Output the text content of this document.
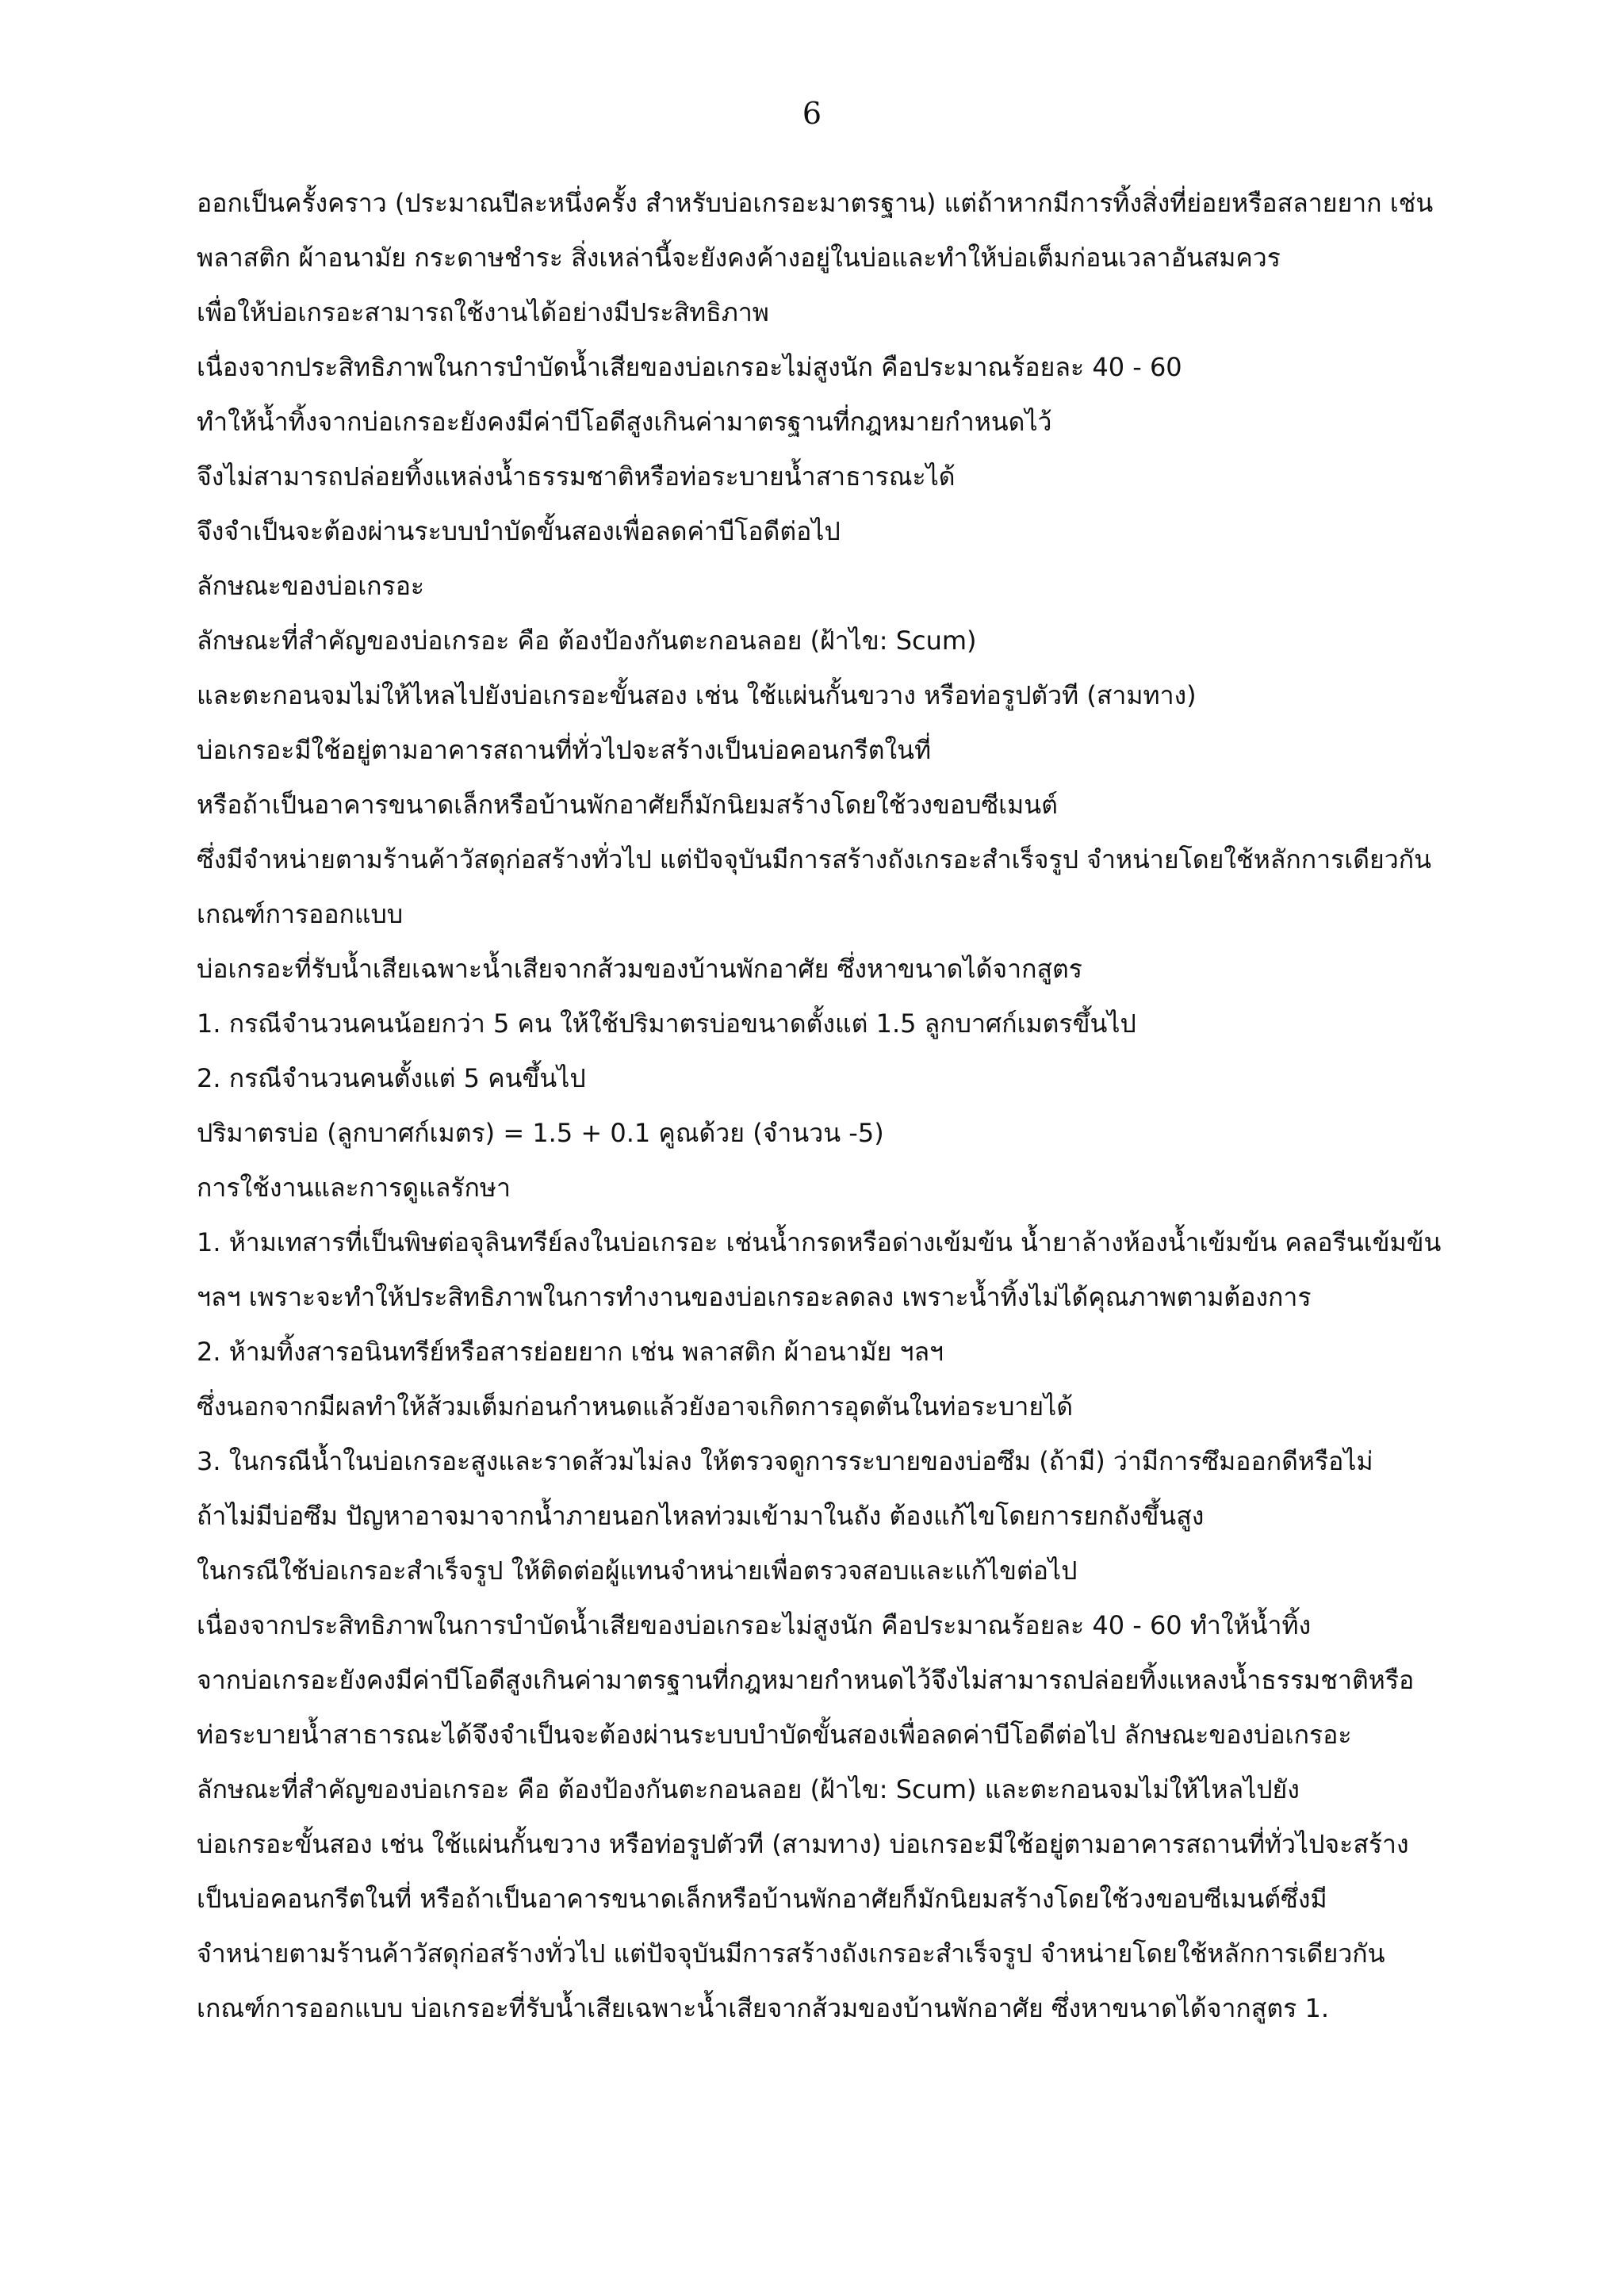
6
ออกเป็นครั้งคราว (ประมาณปีละหนึ่งครั้ง สำหรับบ่อเกรอะมาตรฐาน) แต่ถ้าหากมีการทิ้งสิ่งที่ย่อยหรือสลายยาก เช่น
พลาสติก ผ้าอนามัย กระดาษชำระ สิ่งเหล่านี้จะยังคงค้างอยู่ในบ่อและทำให้บ่อเต็มก่อนเวลาอันสมควร
เพื่อให้บ่อเกรอะสามารถใช้งานได้อย่างมีประสิทธิภาพ
เนื่องจากประสิทธิภาพในการบำบัดน้ำเสียของบ่อเกรอะไม่สูงนัก คือประมาณร้อยละ 40 - 60
ทำให้น้ำทิ้งจากบ่อเกรอะยังคงมีค่าบีโอดีสูงเกินค่ามาตรฐานที่กฎหมายกำหนดไว้
จึงไม่สามารถปล่อยทิ้งแหล่งน้ำธรรมชาติหรือท่อระบายน้ำสาธารณะได้
จึงจำเป็นจะต้องผ่านระบบบำบัดขั้นสองเพื่อลดค่าบีโอดีต่อไป
ลักษณะของบ่อเกรอะ
ลักษณะที่สำคัญของบ่อเกรอะ คือ ต้องป้องกันตะกอนลอย (ฝ้าไข: Scum)
และตะกอนจมไม่ให้ไหลไปยังบ่อเกรอะขั้นสอง เช่น ใช้แผ่นกั้นขวาง หรือท่อรูปตัวที (สามทาง)
บ่อเกรอะมีใช้อยู่ตามอาคารสถานที่ทั่วไปจะสร้างเป็นบ่อคอนกรีตในที่
หรือถ้าเป็นอาคารขนาดเล็กหรือบ้านพักอาศัยก็มักนิยมสร้างโดยใช้วงขอบซีเมนต์
ซึ่งมีจำหน่ายตามร้านค้าวัสดุก่อสร้างทั่วไป แต่ปัจจุบันมีการสร้างถังเกรอะสำเร็จรูป จำหน่ายโดยใช้หลักการเดียวกัน
เกณฑ์การออกแบบ
บ่อเกรอะที่รับน้ำเสียเฉพาะน้ำเสียจากส้วมของบ้านพักอาศัย ซึ่งหาขนาดได้จากสูตร
1. กรณีจำนวนคนน้อยกว่า 5 คน ให้ใช้ปริมาตรบ่อขนาดตั้งแต่ 1.5 ลูกบาศก์เมตรขึ้นไป
2. กรณีจำนวนคนตั้งแต่ 5 คนขึ้นไป
ปริมาตรบ่อ (ลูกบาศก์เมตร) = 1.5 + 0.1 คูณด้วย (จำนวน -5)
การใช้งานและการดูแลรักษา
1. ห้ามเทสารที่เป็นพิษต่อจุลินทรีย์ลงในบ่อเกรอะ เช่นน้ำกรดหรือด่างเข้มข้น น้ำยาล้างห้องน้ำเข้มข้น คลอรีนเข้มข้น
ฯลฯ เพราะจะทำให้ประสิทธิภาพในการทำงานของบ่อเกรอะลดลง เพราะน้ำทิ้งไม่ได้คุณภาพตามต้องการ
2. ห้ามทิ้งสารอนินทรีย์หรือสารย่อยยาก เช่น พลาสติก ผ้าอนามัย ฯลฯ
ซึ่งนอกจากมีผลทำให้ส้วมเต็มก่อนกำหนดแล้วยังอาจเกิดการอุดตันในท่อระบายได้
3. ในกรณีน้ำในบ่อเกรอะสูงและราดส้วมไม่ลง ให้ตรวจดูการระบายของบ่อซึม (ถ้ามี) ว่ามีการซึมออกดีหรือไม่
ถ้าไม่มีบ่อซึม ปัญหาอาจมาจากน้ำภายนอกไหลท่วมเข้ามาในถัง ต้องแก้ไขโดยการยกถังขึ้นสูง
ในกรณีใช้บ่อเกรอะสำเร็จรูป ให้ติดต่อผู้แทนจำหน่ายเพื่อตรวจสอบและแก้ไขต่อไป
เนื่องจากประสิทธิภาพในการบำบัดน้ำเสียของบ่อเกรอะไม่สูงนัก คือประมาณร้อยละ 40 - 60 ทำให้น้ำทิ้ง
จากบ่อเกรอะยังคงมีค่าบีโอดีสูงเกินค่ามาตรฐานที่กฎหมายกำหนดไว้จึงไม่สามารถปล่อยทิ้งแหลงน้ำธรรมชาติหรือ
ท่อระบายน้ำสาธารณะได้จึงจำเป็นจะต้องผ่านระบบบำบัดขั้นสองเพื่อลดค่าบีโอดีต่อไป ลักษณะของบ่อเกรอะ
ลักษณะที่สำคัญของบ่อเกรอะ คือ ต้องป้องกันตะกอนลอย (ฝ้าไข: Scum) และตะกอนจมไม่ให้ไหลไปยัง
บ่อเกรอะขั้นสอง เช่น ใช้แผ่นกั้นขวาง หรือท่อรูปตัวที (สามทาง) บ่อเกรอะมีใช้อยู่ตามอาคารสถานที่ทั่วไปจะสร้าง
เป็นบ่อคอนกรีตในที่ หรือถ้าเป็นอาคารขนาดเล็กหรือบ้านพักอาศัยก็มักนิยมสร้างโดยใช้วงขอบซีเมนต์ซึ่งมี
จำหน่ายตามร้านค้าวัสดุก่อสร้างทั่วไป แต่ปัจจุบันมีการสร้างถังเกรอะสำเร็จรูป จำหน่ายโดยใช้หลักการเดียวกัน
เกณฑ์การออกแบบ บ่อเกรอะที่รับน้ำเสียเฉพาะน้ำเสียจากส้วมของบ้านพักอาศัย ซึ่งหาขนาดได้จากสูตร 1.
